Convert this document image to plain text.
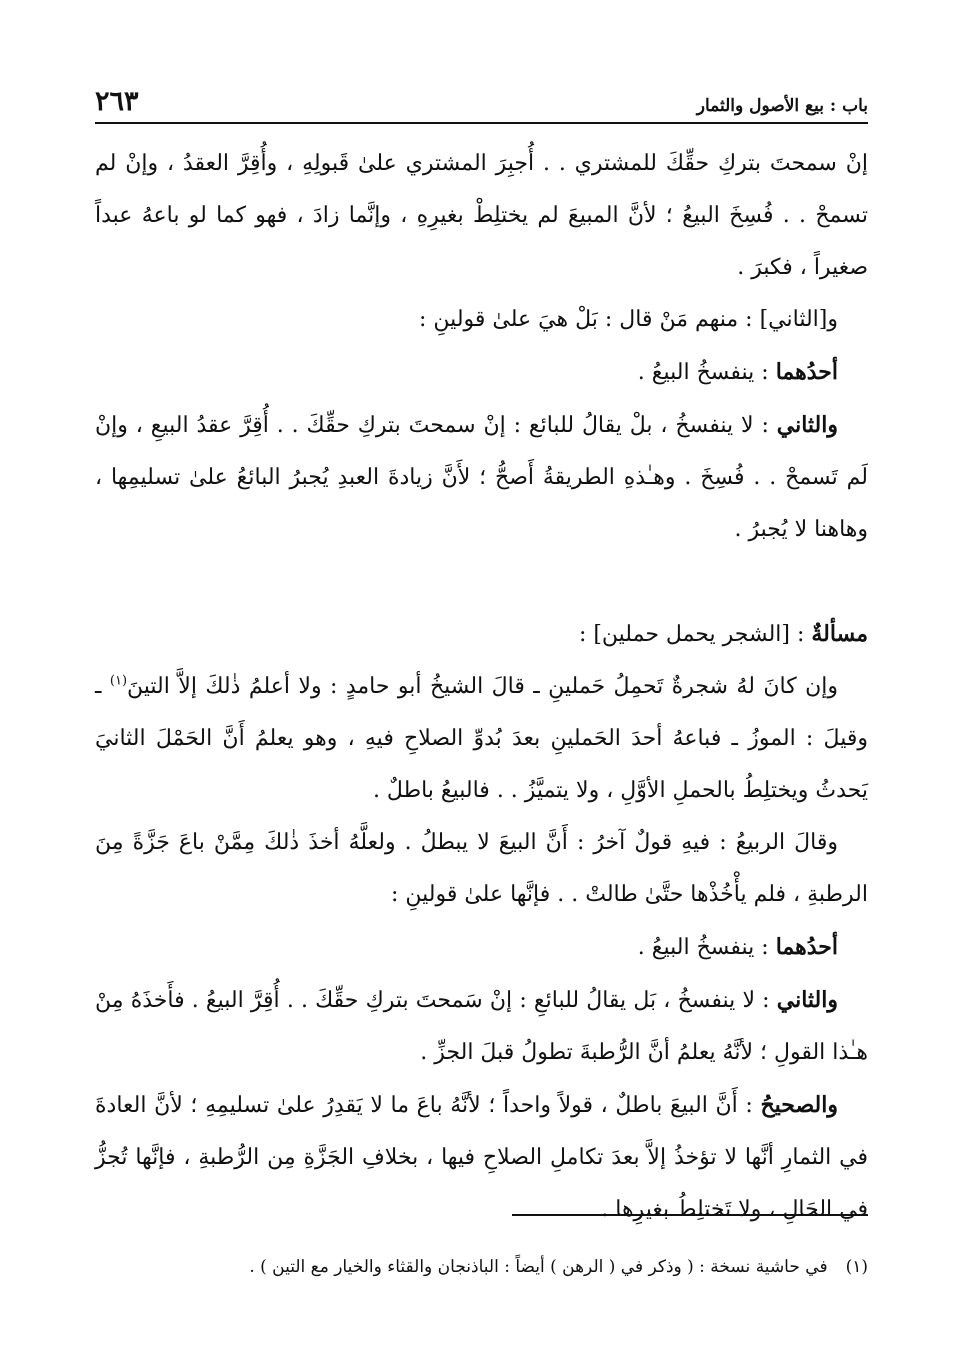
باب : بيع الأصول والثمار
٢٦٣

إنْ سمحتَ بتركِ حقِّكَ للمشتري . . أُجبِرَ المشتري علىٰ قَبولِهِ ، وأُقِرَّ العقدُ ، وإنْ لم تسمحْ . . فُسِخَ البيعُ ؛ لأنَّ المبيعَ لم يختلِطْ بغيرِهِ ، وإنَّما زادَ ، فهو كما لو باعهُ عبداً صغيراً ، فكبرَ .

و[الثاني] : منهم مَنْ قال : بَلْ هيَ علىٰ قولينِ :

أحدُهما : ينفسخُ البيعُ .

والثاني : لا ينفسخُ ، بلْ يقالُ للبائع : إنْ سمحتَ بتركِ حقِّكَ . . أُقِرَّ عقدُ البيعِ ، وإنْ لَم تَسمحْ . . فُسِخَ . وهـٰذهِ الطريقةُ أَصحُّ ؛ لأَنَّ زيادةَ العبدِ يُجبرُ البائعُ علىٰ تسليمِها ، وهاهنا لا يُجبرُ .

مسألةٌ : [الشجر يحمل حملين] :

وإن كانَ لهُ شجرةٌ تَحمِلُ حَملينِ ـ قالَ الشيخُ أبو حامدٍ : ولا أعلمُ ذٰلكَ إلاَّ التينَ$^{(١)}$ ـ وقيلَ : الموزُ ـ فباعهُ أحدَ الحَملينِ بعدَ بُدوِّ الصلاحِ فيهِ ، وهو يعلمُ أَنَّ الحَمْلَ الثانيَ يَحدثُ ويختلِطُ بالحملِ الأوَّلِ ، ولا يتميَّزُ . . فالبيعُ باطلٌ .

وقالَ الربيعُ : فيهِ قولٌ آخرُ : أَنَّ البيعَ لا يبطلُ . ولعلَّهُ أخذَ ذٰلكَ مِمَّنْ باعَ جَزَّةً مِنَ الرطبةِ ، فلم يأْخُذْها حتَّىٰ طالتْ . . فإنَّها علىٰ قولينِ :

أحدُهما : ينفسخُ البيعُ .

والثاني : لا ينفسخُ ، بَل يقالُ للبائعِ : إنْ سَمحتَ بتركِ حقِّكَ . . أُقِرَّ البيعُ . فأَخذَهُ مِنْ هـٰذا القولِ ؛ لأنَّهُ يعلمُ أنَّ الرُّطبةَ تطولُ قبلَ الجزِّ .

والصحيحُ : أَنَّ البيعَ باطلٌ ، قولاً واحداً ؛ لأنَّهُ باعَ ما لا يَقدِرُ علىٰ تسليمِهِ ؛ لأنَّ العادةَ في الثمارِ أنَّها لا تؤخذُ إلاَّ بعدَ تكاملِ الصلاحِ فيها ، بخلافِ الجَزَّةِ مِن الرُّطبةِ ، فإنَّها تُجزُّ في الحَالِ ، ولا تَختلِطُ بغيرِها .

(١)في حاشية نسخة : ( وذكر في ( الرهن ) أيضاً : الباذنجان والقثاء والخيار مع التين ) .
